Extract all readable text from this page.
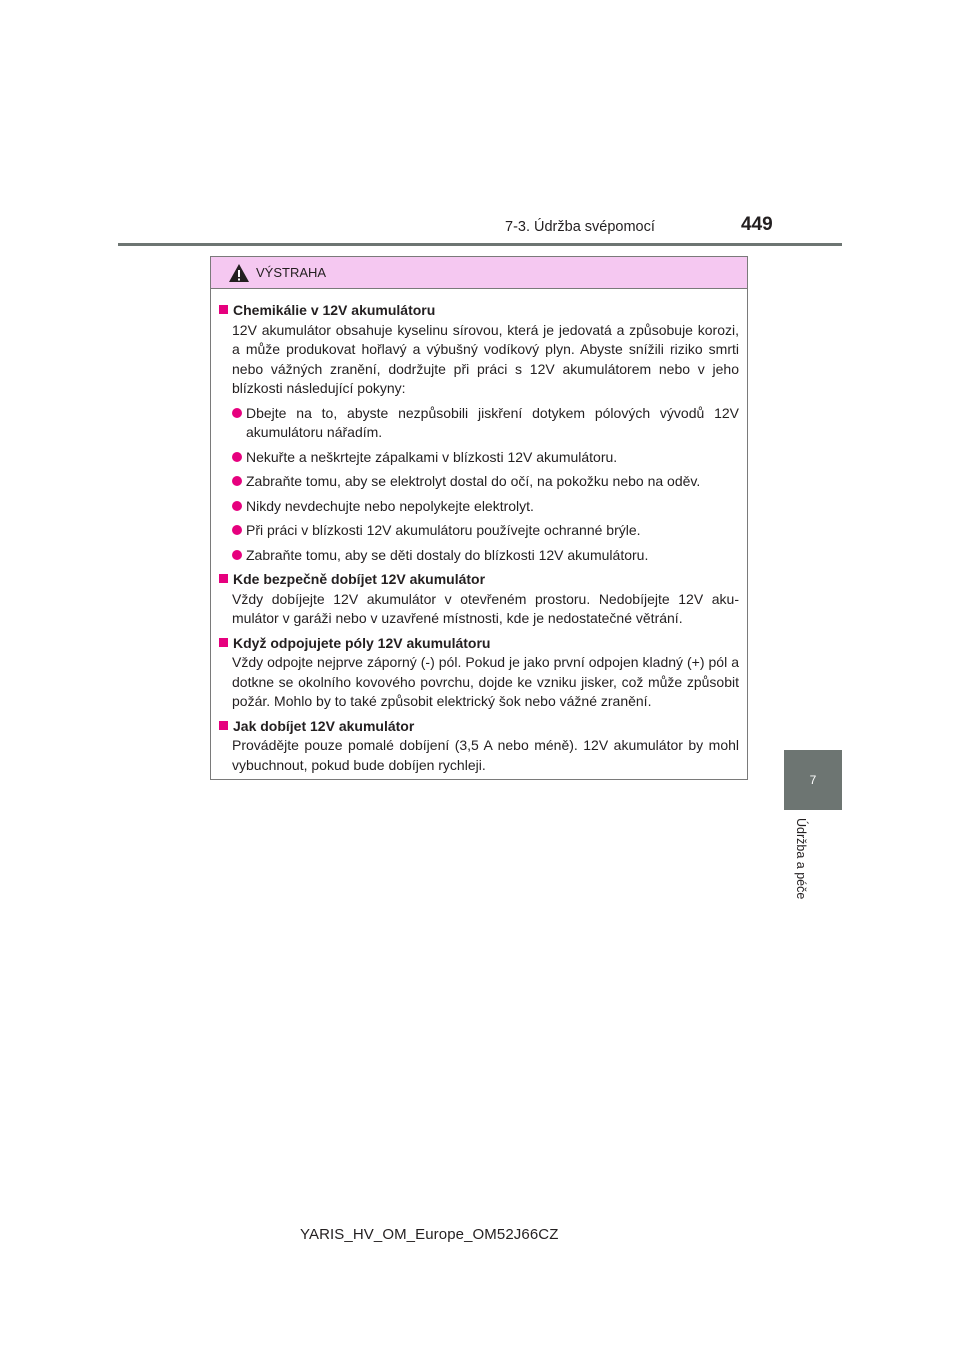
7-3. Údržba svépomocí	449
7
Údržba a péče
VÝSTRAHA
Chemikálie v 12V akumulátoru

12V akumulátor obsahuje kyselinu sírovou, která je jedovatá a způsobuje korozi, a může produkovat hořlavý a výbušný vodíkový plyn. Abyste snížili riziko smrti nebo vážných zranění, dodržujte při práci s 12V akumulátorem nebo v jeho blízkosti následující pokyny:

Dbejte na to, abyste nezpůsobili jiskření dotykem pólových vývodů 12V akumulátoru nářadím.
Nekuřte a neškrtejte zápalkami v blízkosti 12V akumulátoru.
Zabraňte tomu, aby se elektrolyt dostal do očí, na pokožku nebo na oděv.
Nikdy nevdechujte nebo nepolykejte elektrolyt.
Při práci v blízkosti 12V akumulátoru používejte ochranné brýle.
Zabraňte tomu, aby se děti dostaly do blízkosti 12V akumulátoru.
Kde bezpečně dobíjet 12V akumulátor

Vždy dobíjejte 12V akumulátor v otevřeném prostoru. Nedobíjejte 12V aku-mulátor v garáži nebo v uzavřené místnosti, kde je nedostatečné větrání.

Když odpojujete póly 12V akumulátoru

Vždy odpojte nejprve záporný (-) pól. Pokud je jako první odpojen kladný (+) pól a dotkne se okolního kovového povrchu, dojde ke vzniku jisker, což může způsobit požár. Mohlo by to také způsobit elektrický šok nebo vážné zranění.

Jak dobíjet 12V akumulátor

Provádějte pouze pomalé dobíjení (3,5 A nebo méně). 12V akumulátor by mohl vybuchnout, pokud bude dobíjen rychleji.

YARIS_HV_OM_Europe_OM52J66CZ
